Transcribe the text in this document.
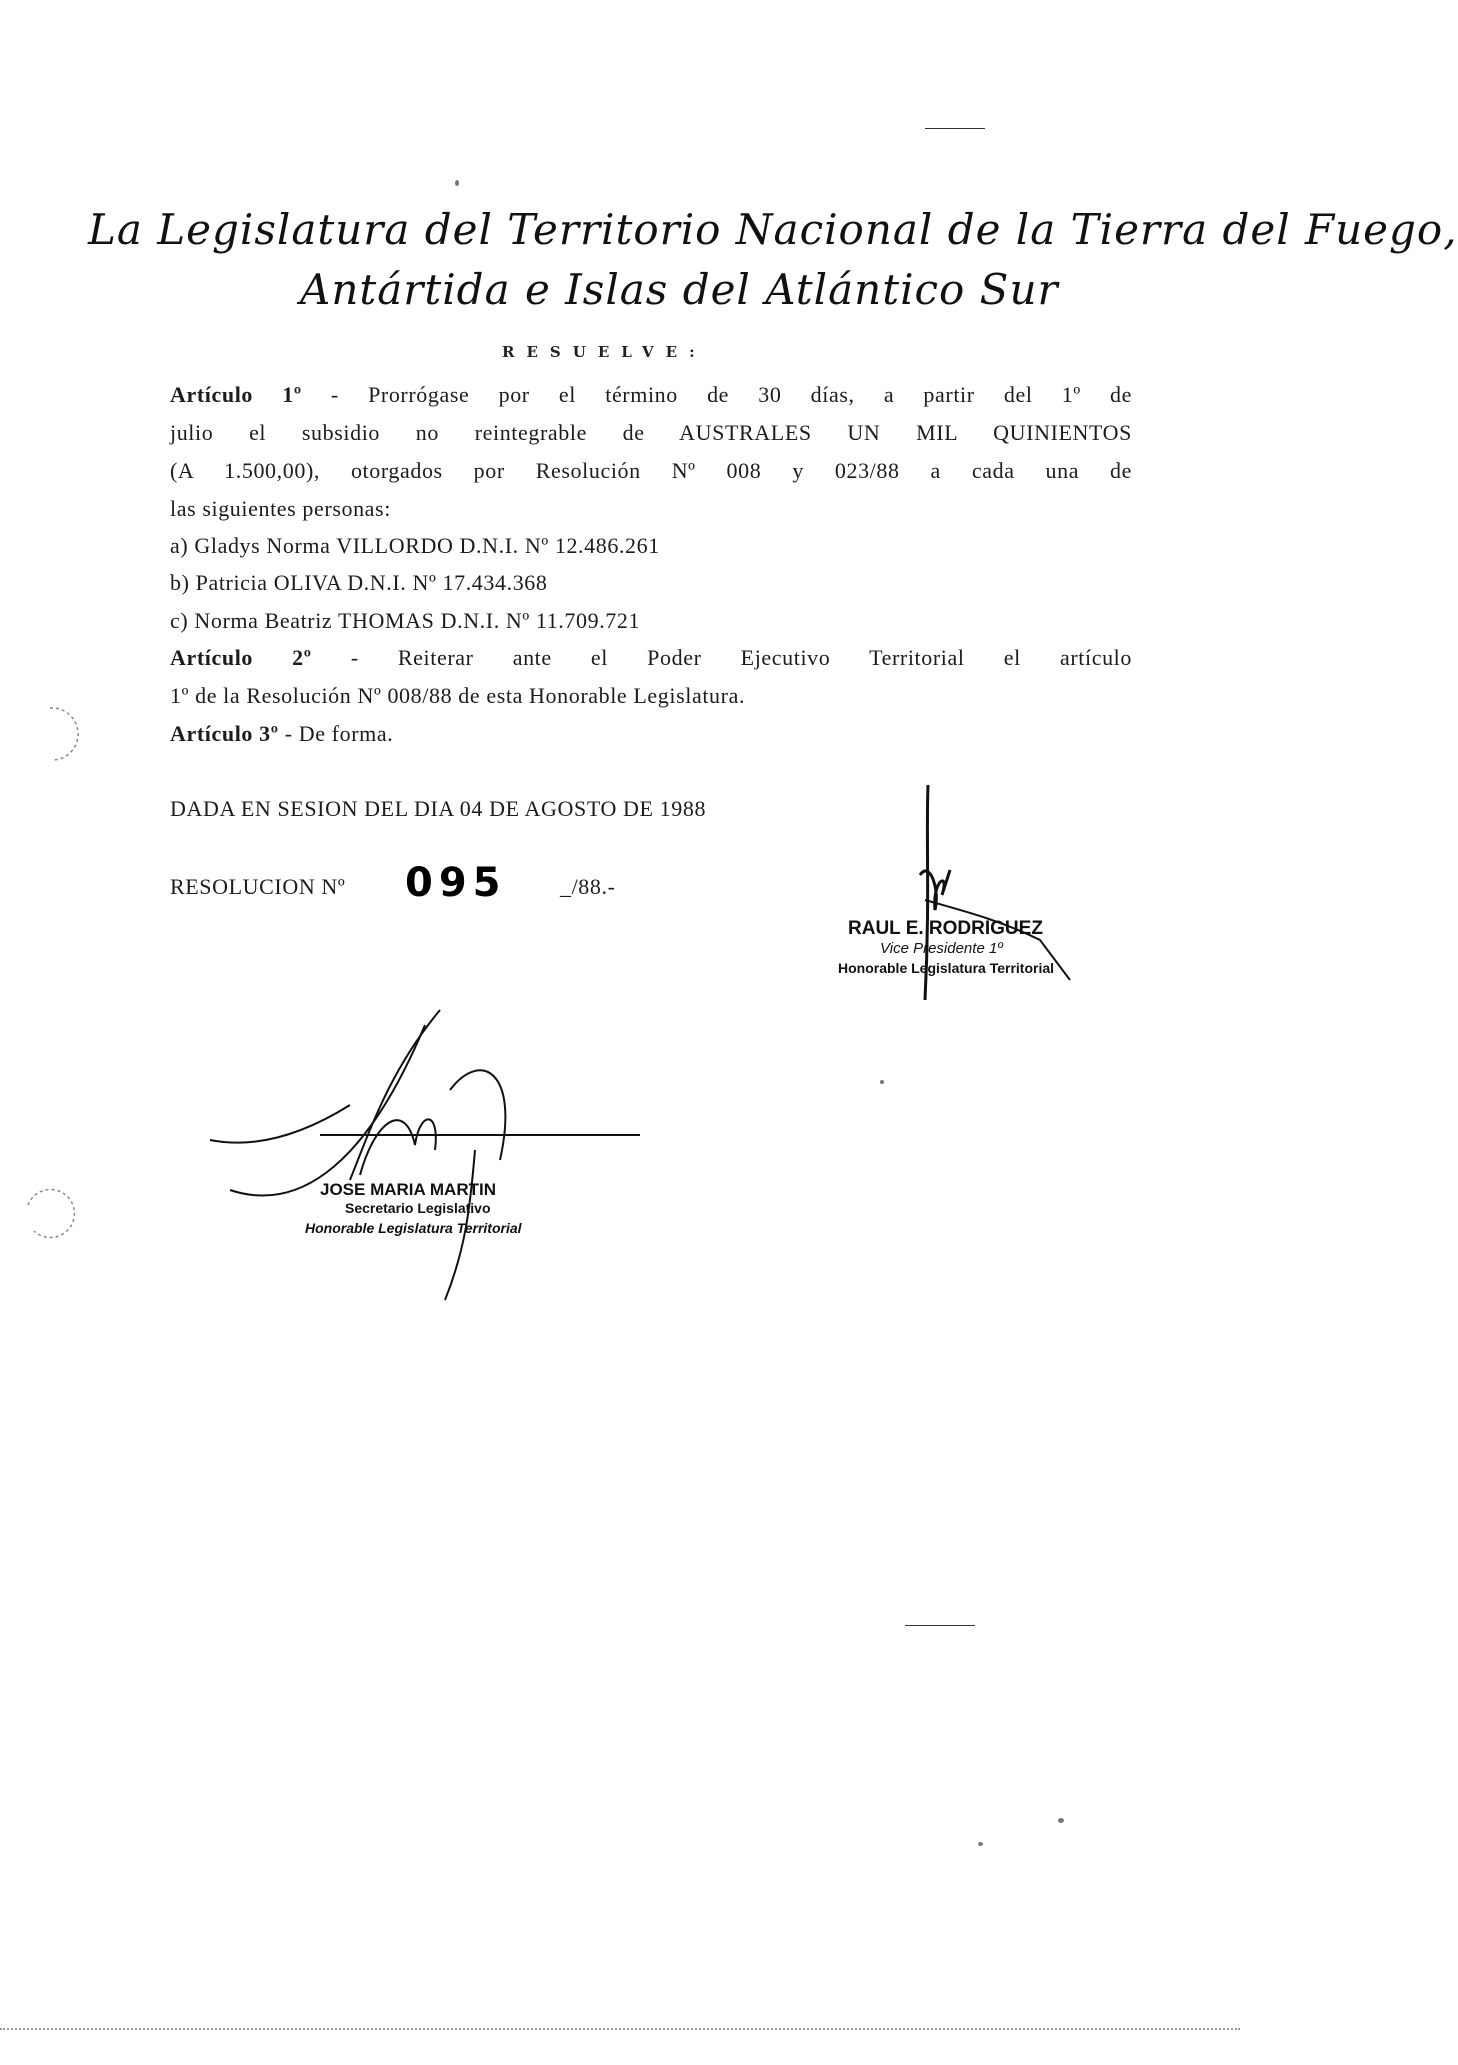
La Legislatura del Territorio Nacional de la Tierra del Fuego,
Antártida e Islas del Atlántico Sur
RESUELVE:
Artículo 1º - Prorrógase por el término de 30 días, a partir del 1º de
julio el subsidio no reintegrable de AUSTRALES UN MIL QUINIENTOS
(A 1.500,00), otorgados por Resolución Nº 008 y 023/88 a cada una de
las siguientes personas:
a) Gladys Norma VILLORDO D.N.I. Nº 12.486.261
b) Patricia OLIVA D.N.I. Nº 17.434.368
c) Norma Beatriz THOMAS D.N.I. Nº 11.709.721
Artículo 2º - Reiterar ante el Poder Ejecutivo Territorial el artículo
1º de la Resolución Nº 008/88 de esta Honorable Legislatura.
Artículo 3º - De forma.
DADA EN SESION DEL DIA 04 DE AGOSTO DE 1988
RESOLUCION Nº 095 _/88.-
RAUL E. RODRIGUEZ
Vice Presidente 1º
Honorable Legislatura Territorial
JOSE MARIA MARTIN
Secretario Legislativo
Honorable Legislatura Territorial
